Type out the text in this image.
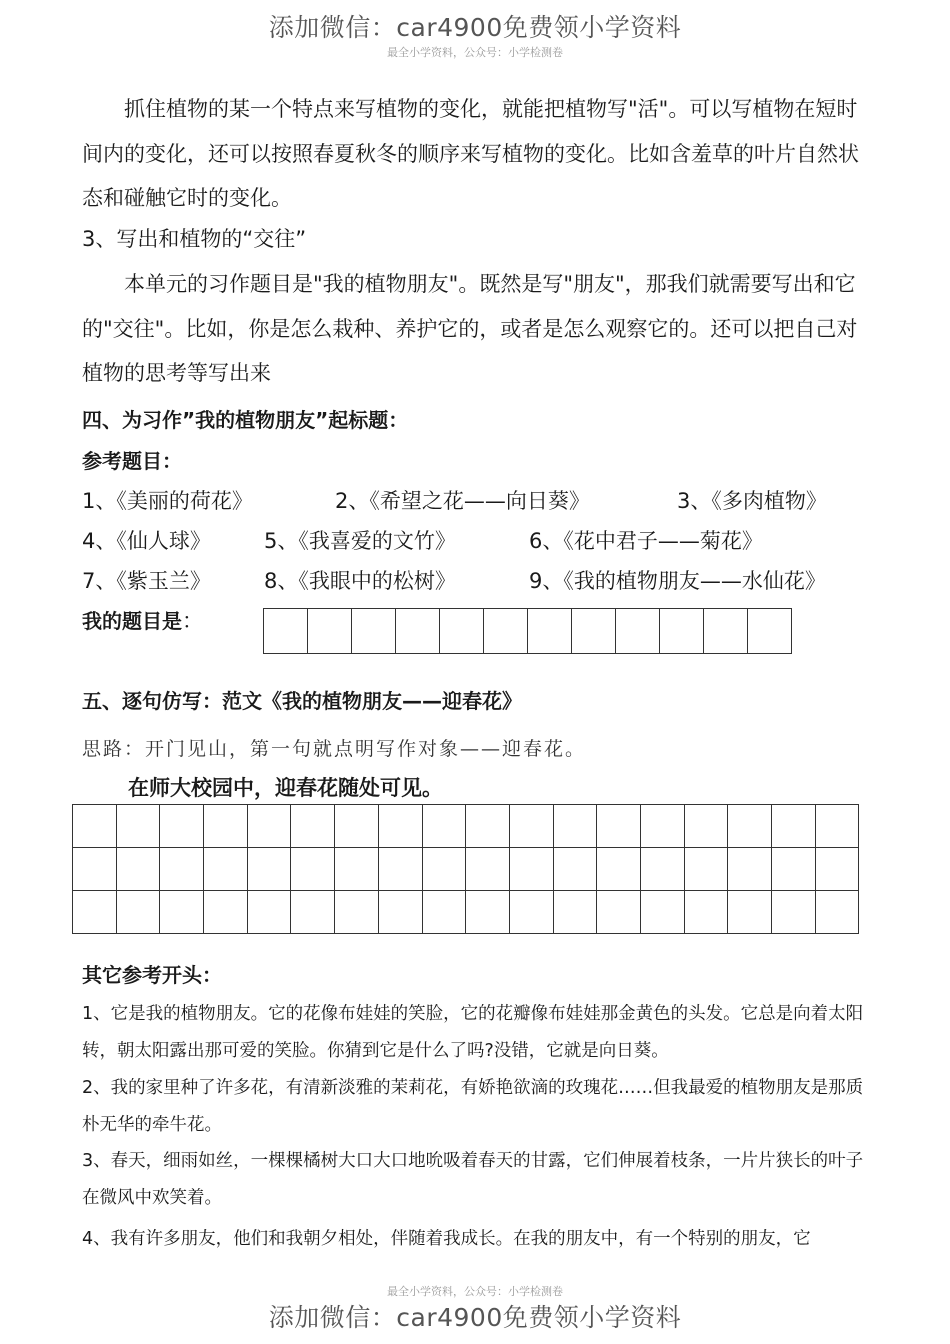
添加微信：car4900免费领小学资料
最全小学资料，公众号：小学检测卷
抓住植物的某一个特点来写植物的变化，就能把植物写"活"。可以写植物在短时间内的变化，还可以按照春夏秋冬的顺序来写植物的变化。比如含羞草的叶片自然状态和碰触它时的变化。
3、写出和植物的“交往”
本单元的习作题目是"我的植物朋友"。既然是写"朋友"，那我们就需要写出和它的"交往"。比如，你是怎么栽种、养护它的，或者是怎么观察它的。还可以把自己对植物的思考等写出来
四、为习作”我的植物朋友”起标题：
参考题目：
1、《美丽的荷花》	2、《希望之花——向日葵》	3、《多肉植物》
4、《仙人球》	5、《我喜爱的文竹》	6、《花中君子——菊花》
7、《紫玉兰》	8、《我眼中的松树》	9、《我的植物朋友——水仙花》
我的题目是：

五、逐句仿写：范文《我的植物朋友——迎春花》
思路：开门见山，第一句就点明写作对象——迎春花。
在师大校园中，迎春花随处可见。

其它参考开头：
1、它是我的植物朋友。它的花像布娃娃的笑脸，它的花瓣像布娃娃那金黄色的头发。它总是向着太阳转，朝太阳露出那可爱的笑脸。你猜到它是什么了吗?没错，它就是向日葵。
2、我的家里种了许多花，有清新淡雅的茉莉花，有娇艳欲滴的玫瑰花……但我最爱的植物朋友是那质朴无华的牵牛花。
3、春天，细雨如丝，一棵棵橘树大口大口地吮吸着春天的甘露，它们伸展着枝条，一片片狭长的叶子在微风中欢笑着。
4、我有许多朋友，他们和我朝夕相处，伴随着我成长。在我的朋友中，有一个特别的朋友，它
最全小学资料，公众号：小学检测卷
添加微信：car4900免费领小学资料
